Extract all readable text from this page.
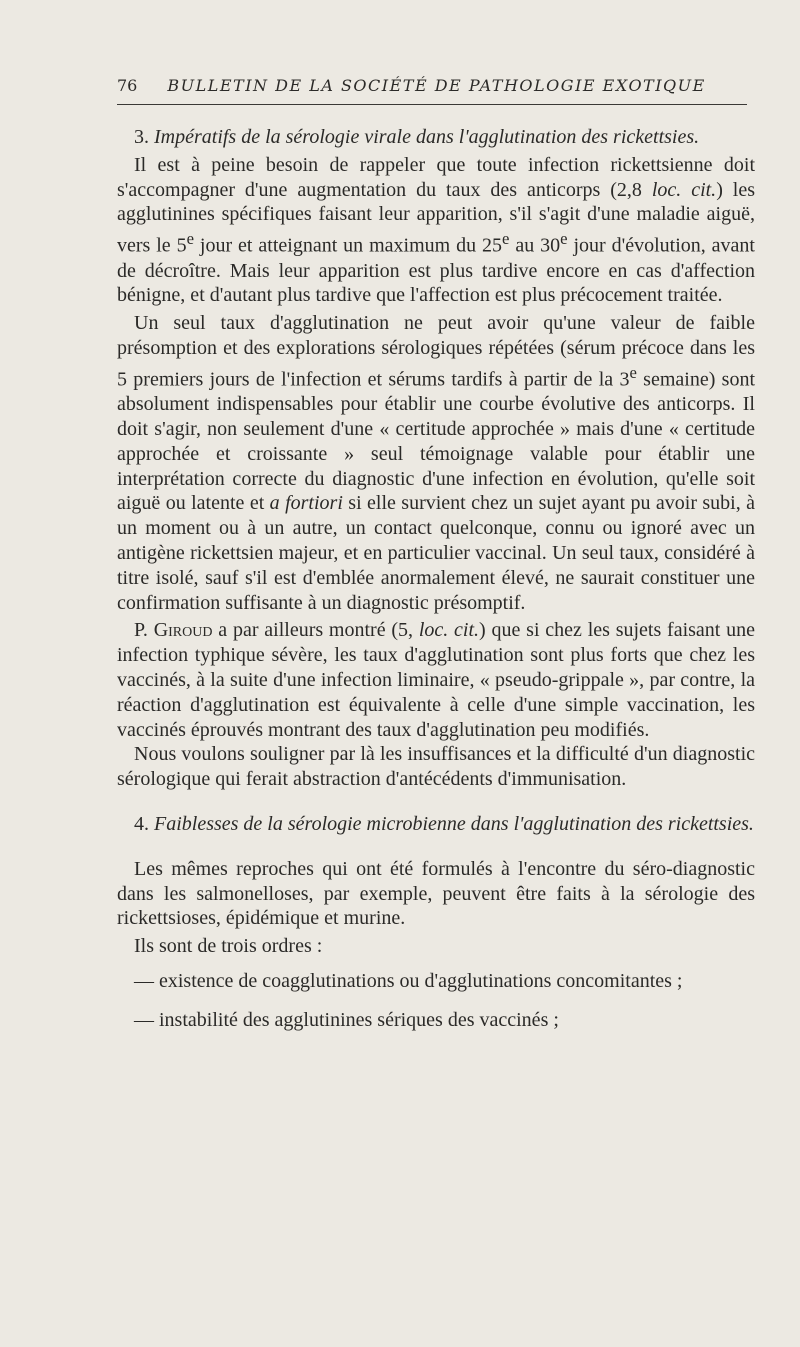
76 BULLETIN DE LA SOCIÉTÉ DE PATHOLOGIE EXOTIQUE

3. Impératifs de la sérologie virale dans l'agglutination des rickettsies.

Il est à peine besoin de rappeler que toute infection rickettsienne doit s'accompagner d'une augmentation du taux des anticorps (2,8 loc. cit.) les agglutinines spécifiques faisant leur apparition, s'il s'agit d'une maladie aiguë, vers le 5e jour et atteignant un maximum du 25e au 30e jour d'évolution, avant de décroître. Mais leur apparition est plus tardive encore en cas d'affection bénigne, et d'autant plus tardive que l'affection est plus précocement traitée.

Un seul taux d'agglutination ne peut avoir qu'une valeur de faible présomption et des explorations sérologiques répétées (sérum précoce dans les 5 premiers jours de l'infection et sérums tardifs à partir de la 3e semaine) sont absolument indispensables pour établir une courbe évolutive des anticorps. Il doit s'agir, non seulement d'une « certitude approchée » mais d'une « certitude approchée et croissante » seul témoignage valable pour établir une interprétation correcte du diagnostic d'une infection en évolution, qu'elle soit aiguë ou latente et a fortiori si elle survient chez un sujet ayant pu avoir subi, à un moment ou à un autre, un contact quelconque, connu ou ignoré avec un antigène rickettsien majeur, et en particulier vaccinal. Un seul taux, considéré à titre isolé, sauf s'il est d'emblée anormalement élevé, ne saurait constituer une confirmation suffisante à un diagnostic présomptif.

P. Giroud a par ailleurs montré (5, loc. cit.) que si chez les sujets faisant une infection typhique sévère, les taux d'agglutination sont plus forts que chez les vaccinés, à la suite d'une infection liminaire, « pseudo-grippale », par contre, la réaction d'agglutination est équivalente à celle d'une simple vaccination, les vaccinés éprouvés montrant des taux d'agglutination peu modifiés.

Nous voulons souligner par là les insuffisances et la difficulté d'un diagnostic sérologique qui ferait abstraction d'antécédents d'immunisation.

4. Faiblesses de la sérologie microbienne dans l'agglutination des rickettsies.

Les mêmes reproches qui ont été formulés à l'encontre du séro-diagnostic dans les salmonelloses, par exemple, peuvent être faits à la sérologie des rickettsioses, épidémique et murine.

Ils sont de trois ordres :

— existence de coagglutinations ou d'agglutinations concomitantes ;

— instabilité des agglutinines sériques des vaccinés ;
